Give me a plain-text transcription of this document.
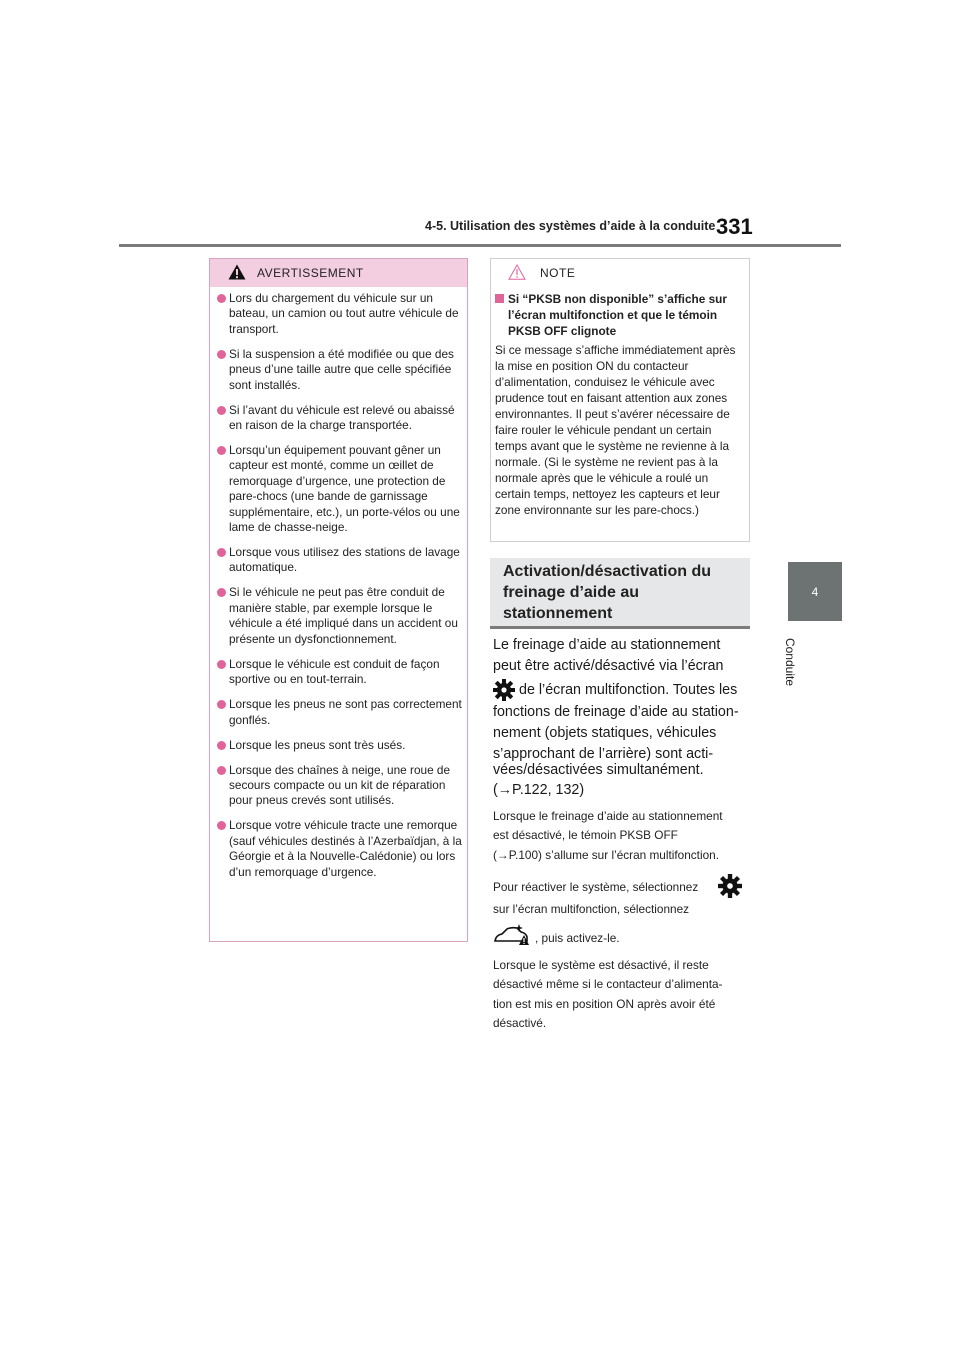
4-5. Utilisation des systèmes d’aide à la conduite 331
4
Conduite
AVERTISSEMENT
Lors du chargement du véhicule sur un bateau, un camion ou tout autre véhicule de transport.
Si la suspension a été modifiée ou que des pneus d’une taille autre que celle spécifiée sont installés.
Si l’avant du véhicule est relevé ou abaissé en raison de la charge transportée.
Lorsqu’un équipement pouvant gêner un capteur est monté, comme un œillet de remorquage d’urgence, une protection de pare-chocs (une bande de garnissage supplémentaire, etc.), un porte-vélos ou une lame de chasse-neige.
Lorsque vous utilisez des stations de lavage automatique.
Si le véhicule ne peut pas être conduit de manière stable, par exemple lorsque le véhicule a été impliqué dans un accident ou présente un dysfonctionnement.
Lorsque le véhicule est conduit de façon sportive ou en tout-terrain.
Lorsque les pneus ne sont pas correctement gonflés.
Lorsque les pneus sont très usés.
Lorsque des chaînes à neige, une roue de secours compacte ou un kit de réparation pour pneus crevés sont utilisés.
Lorsque votre véhicule tracte une remorque (sauf véhicules destinés à l’Azerbaïdjan, à la Géorgie et à la Nouvelle-Calédonie) ou lors d’un remorquage d’urgence.
NOTE
Si “PKSB non disponible” s’affiche sur l’écran multifonction et que le témoin PKSB OFF clignote
Si ce message s’affiche immédiatement après la mise en position ON du contacteur d’alimentation, conduisez le véhicule avec prudence tout en faisant attention aux zones environnantes. Il peut s’avérer nécessaire de faire rouler le véhicule pendant un certain temps avant que le système ne revienne à la normale. (Si le système ne revient pas à la normale après que le véhicule a roulé un certain temps, nettoyez les capteurs et leur zone environnante sur les pare-chocs.)
Activation/désactivation du freinage d’aide au stationnement
Le freinage d’aide au stationnement
peut être activé/désactivé via l’écran
de l’écran multifonction. Toutes les
fonctions de freinage d’aide au station-
nement (objets statiques, véhicules
s’approchant de l’arrière) sont acti-
vées/désactivées simultanément.
(→P.122, 132)
Lorsque le freinage d’aide au stationnement
est désactivé, le témoin PKSB OFF
(→P.100) s’allume sur l’écran multifonction.
Pour réactiver le système, sélectionnez
sur l’écran multifonction, sélectionnez
, puis activez-le.
Lorsque le système est désactivé, il reste
désactivé même si le contacteur d’alimenta-
tion est mis en position ON après avoir été
désactivé.
